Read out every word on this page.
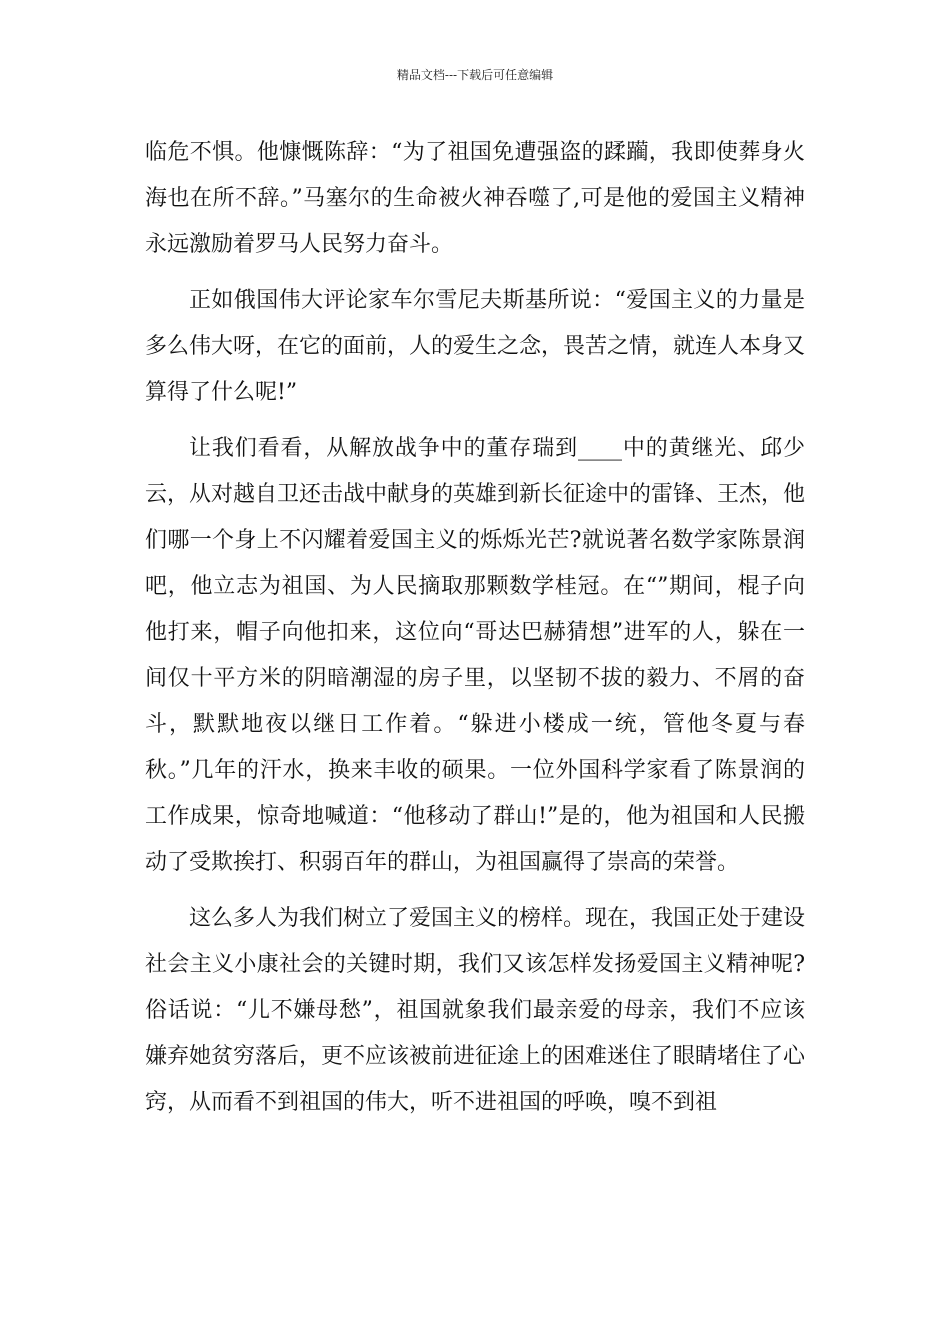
精品文档---下载后可任意编辑

临危不惧。他慷慨陈辞：“为了祖国免遭强盗的蹂躏，我即使葬身火海也在所不辞。”马塞尔的生命被火神吞噬了,可是他的爱国主义精神永远激励着罗马人民努力奋斗。

正如俄国伟大评论家车尔雪尼夫斯基所说：“爱国主义的力量是多么伟大呀，在它的面前，人的爱生之念，畏苦之情，就连人本身又算得了什么呢!”

让我们看看，从解放战争中的董存瑞到____中的黄继光、邱少云，从对越自卫还击战中献身的英雄到新长征途中的雷锋、王杰，他们哪一个身上不闪耀着爱国主义的烁烁光芒?就说著名数学家陈景润吧，他立志为祖国、为人民摘取那颗数学桂冠。在“”期间，棍子向他打来，帽子向他扣来，这位向“哥达巴赫猜想”进军的人，躲在一间仅十平方米的阴暗潮湿的房子里，以坚韧不拔的毅力、不屑的奋斗，默默地夜以继日工作着。“躲进小楼成一统，管他冬夏与春秋。”几年的汗水，换来丰收的硕果。一位外国科学家看了陈景润的工作成果，惊奇地喊道：“他移动了群山!”是的，他为祖国和人民搬动了受欺挨打、积弱百年的群山，为祖国赢得了崇高的荣誉。

这么多人为我们树立了爱国主义的榜样。现在，我国正处于建设社会主义小康社会的关键时期，我们又该怎样发扬爱国主义精神呢?俗话说：“儿不嫌母愁”，祖国就象我们最亲爱的母亲，我们不应该嫌弃她贫穷落后，更不应该被前进征途上的困难迷住了眼睛堵住了心窍，从而看不到祖国的伟大，听不进祖国的呼唤，嗅不到祖
